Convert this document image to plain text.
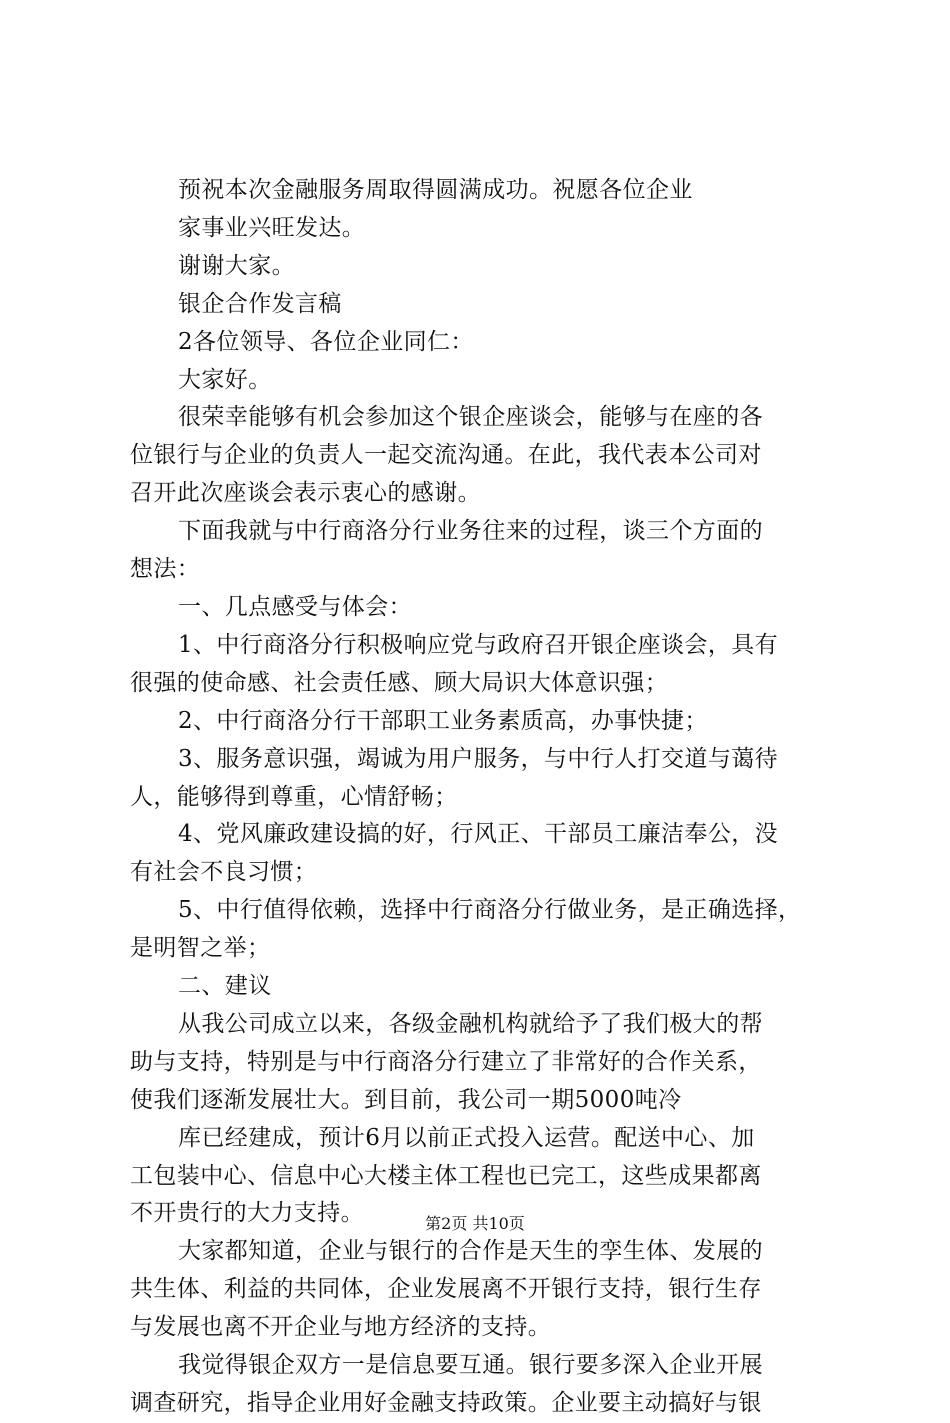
预祝本次金融服务周取得圆满成功。祝愿各位企业
家事业兴旺发达。
谢谢大家。
银企合作发言稿
2各位领导、各位企业同仁：
大家好。
很荣幸能够有机会参加这个银企座谈会，能够与在座的各
位银行与企业的负责人一起交流沟通。在此，我代表本公司对
召开此次座谈会表示衷心的感谢。
下面我就与中行商洛分行业务往来的过程，谈三个方面的
想法：
一、几点感受与体会：
1、中行商洛分行积极响应党与政府召开银企座谈会，具有
很强的使命感、社会责任感、顾大局识大体意识强；
2、中行商洛分行干部职工业务素质高，办事快捷；
3、服务意识强，竭诚为用户服务，与中行人打交道与蔼待
人，能够得到尊重，心情舒畅；
4、党风廉政建设搞的好，行风正、干部员工廉洁奉公，没
有社会不良习惯；
5、中行值得依赖，选择中行商洛分行做业务，是正确选择，
是明智之举；
二、建议
从我公司成立以来，各级金融机构就给予了我们极大的帮
助与支持，特别是与中行商洛分行建立了非常好的合作关系，
使我们逐渐发展壮大。到目前，我公司一期5000吨冷
库已经建成，预计6月以前正式投入运营。配送中心、加
工包装中心、信息中心大楼主体工程也已完工，这些成果都离
不开贵行的大力支持。
大家都知道，企业与银行的合作是天生的孪生体、发展的
共生体、利益的共同体，企业发展离不开银行支持，银行生存
与发展也离不开企业与地方经济的支持。
我觉得银企双方一是信息要互通。银行要多深入企业开展
调查研究，指导企业用好金融支持政策。企业要主动搞好与银
第2页 共10页
